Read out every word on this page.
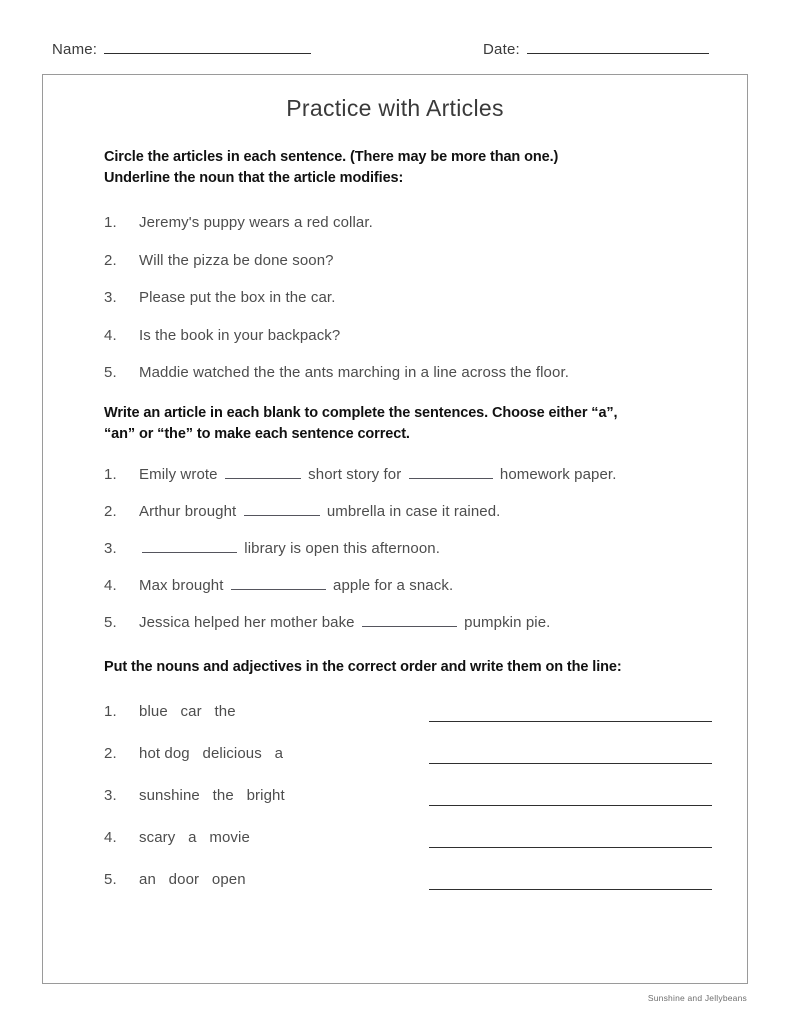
Name:	Date:
Practice with Articles
Circle the articles in each sentence. (There may be more than one.)
Underline the noun that the article modifies:
1.	Jeremy's puppy wears a red collar.
2.	Will the pizza be done soon?
3.	Please put the box in the car.
4.	Is the book in your backpack?
5.	Maddie watched the the ants marching in a line across the floor.
Write an article in each blank to complete the sentences. Choose either “a”,
“an” or “the” to make each sentence correct.
1.	Emily wrote	short story for	homework paper.
2.	Arthur brought	umbrella in case it rained.
3.	library is open this afternoon.
4.	Max brought	apple for a snack.
5.	Jessica helped her mother bake	pumpkin pie.
Put the nouns and adjectives in the correct order and write them on the line:
1.	blue   car   the
2.	hot dog   delicious   a
3.	sunshine   the   bright
4.	scary   a   movie
5.	an   door   open
Sunshine and Jellybeans
